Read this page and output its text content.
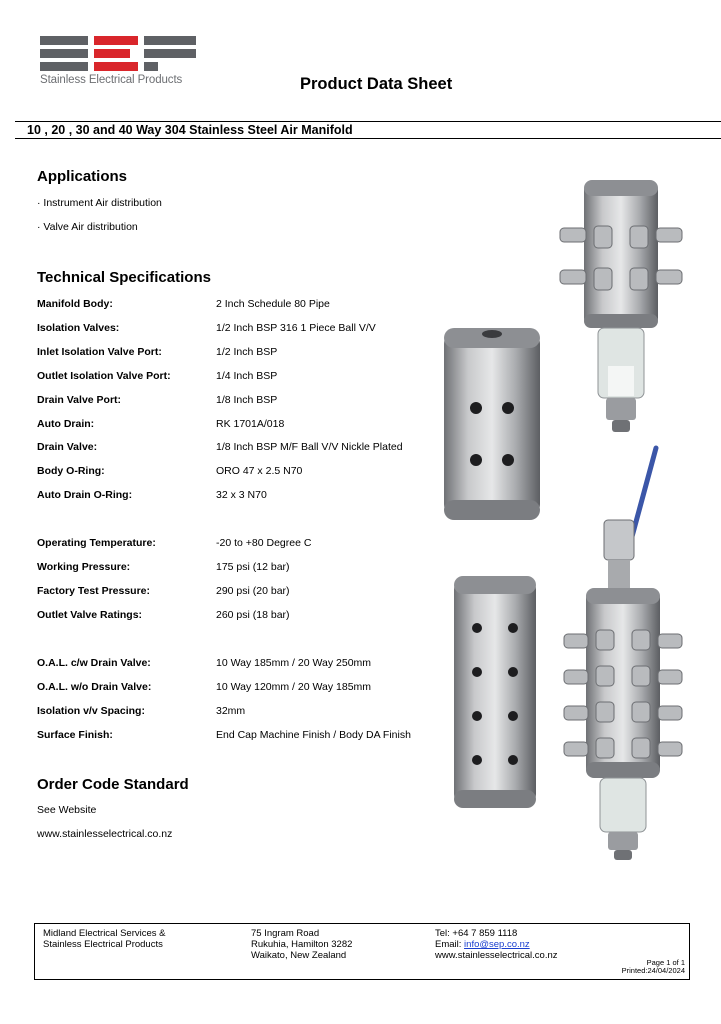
Stainless Electrical Products	Product Data Sheet
10 , 20 , 30 and 40 Way 304 Stainless Steel Air Manifold
Applications
· Instrument Air distribution
· Valve Air distribution
Technical Specifications
Manifold Body:	2 Inch Schedule 80 Pipe
Isolation Valves:	1/2 Inch BSP 316 1 Piece Ball V/V
Inlet Isolation Valve Port:	1/2 Inch BSP
Outlet Isolation Valve Port:	1/4 Inch BSP
Drain Valve Port:	1/8 Inch BSP
Auto Drain:	RK 1701A/018
Drain Valve:	1/8 Inch BSP M/F Ball V/V Nickle Plated
Body O-Ring:	ORO 47 x 2.5 N70
Auto Drain O-Ring:	32 x 3 N70
Operating Temperature:	-20 to +80 Degree C
Working Pressure:	175 psi (12 bar)
Factory Test Pressure:	290 psi (20 bar)
Outlet Valve Ratings:	260 psi (18 bar)
O.A.L. c/w Drain Valve:	10 Way 185mm / 20 Way 250mm
O.A.L. w/o Drain Valve:	10 Way 120mm / 20 Way 185mm
Isolation v/v Spacing:	32mm
Surface Finish:	End Cap Machine Finish / Body DA Finish
Order Code Standard
See Website
www.stainlesselectrical.co.nz
Midland Electrical Services &
Stainless Electrical Products
75 Ingram Road
Rukuhia, Hamilton 3282
Waikato, New Zealand
Tel: +64 7 859 1118
Email: info@sep.co.nz
www.stainlesselectrical.co.nz
Page 1 of 1
Printed:24/04/2024
